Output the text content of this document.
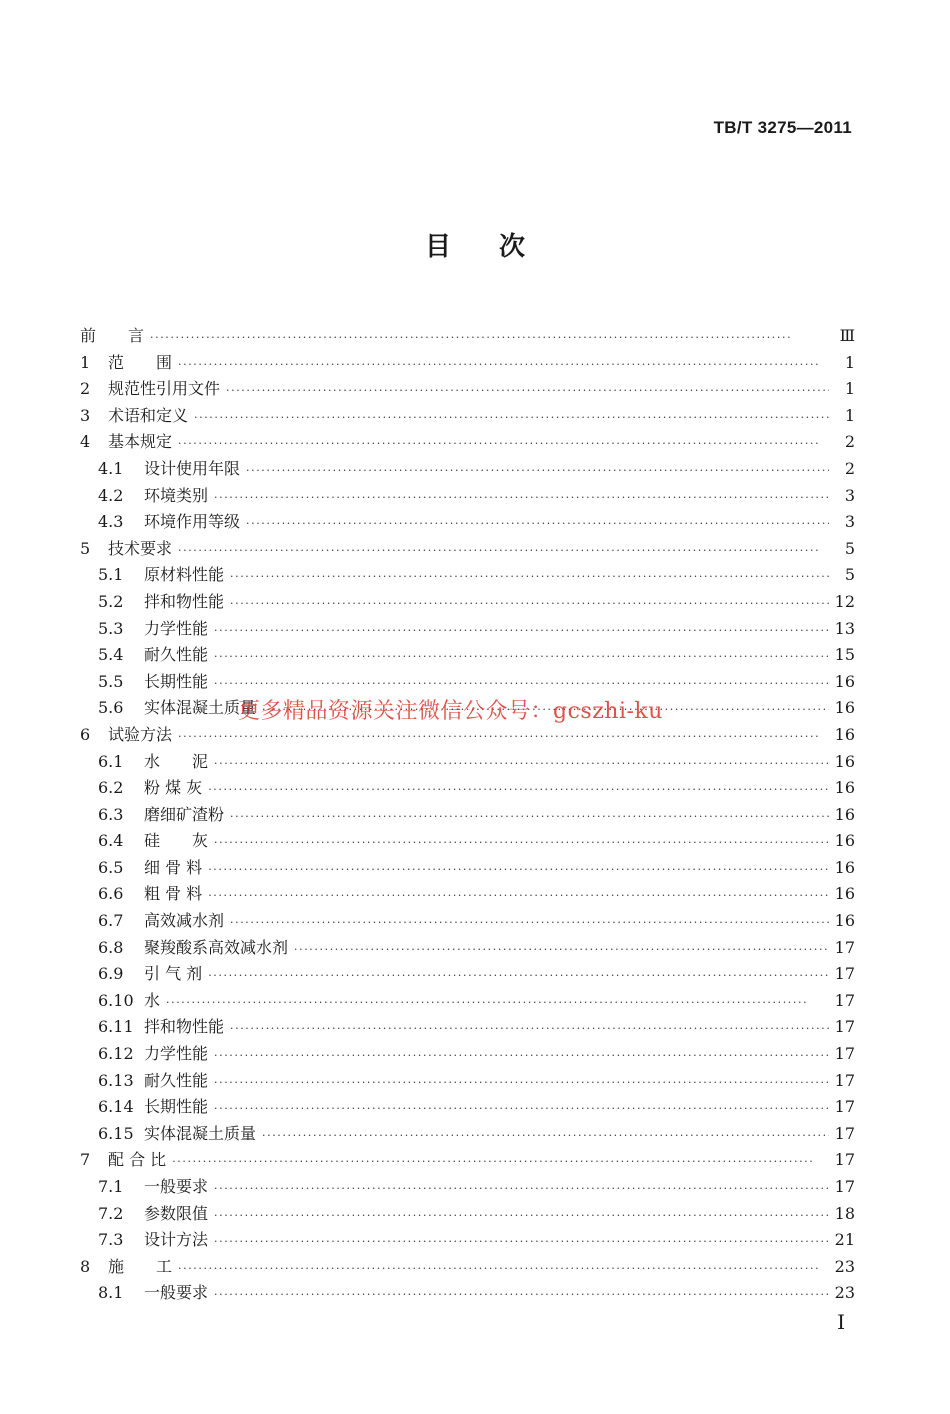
TB/T 3275—2011
目次
前　　言 ·····	Ⅲ
1	范　　围 ·····	1
2	规范性引用文件 ·····	1
3	术语和定义 ·····	1
4	基本规定 ·····	2
4.1	设计使用年限 ·····	2
4.2	环境类别 ·····	3
4.3	环境作用等级 ·····	3
5	技术要求 ·····	5
5.1	原材料性能 ·····	5
5.2	拌和物性能 ·····	12
5.3	力学性能 ·····	13
5.4	耐久性能 ·····	15
5.5	长期性能 ·····	16
5.6	实体混凝土质量 ·····	16
6	试验方法 ·····	16
6.1	水　　泥 ·····	16
6.2	粉 煤 灰 ·····	16
6.3	磨细矿渣粉 ·····	16
6.4	硅　　灰 ·····	16
6.5	细 骨 料 ·····	16
6.6	粗 骨 料 ·····	16
6.7	高效减水剂 ·····	16
6.8	聚羧酸系高效减水剂 ·····	17
6.9	引 气 剂 ·····	17
6.10 水 ·····	17
6.11 拌和物性能 ·····	17
6.12 力学性能 ·····	17
6.13 耐久性能 ·····	17
6.14 长期性能 ·····	17
6.15 实体混凝土质量 ·····	17
7	配 合 比 ·····	17
7.1	一般要求 ·····	17
7.2	参数限值 ·····	18
7.3	设计方法 ·····	21
8	施　　工 ·····	23
8.1	一般要求 ·····	23
更多精品资源关注微信公众号：gcszhi-ku
I
